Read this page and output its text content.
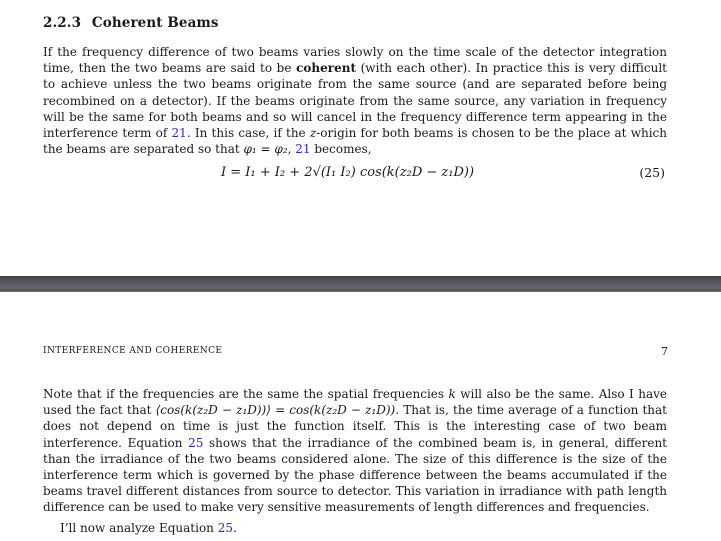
2.2.3 Coherent Beams
If the frequency difference of two beams varies slowly on the time scale of the detector integration time, then the two beams are said to be coherent (with each other). In practice this is very difficult to achieve unless the two beams originate from the same source (and are separated before being recombined on a detector). If the beams originate from the same source, any variation in frequency will be the same for both beams and so will cancel in the frequency difference term appearing in the interference term of 21. In this case, if the z-origin for both beams is chosen to be the place at which the beams are separated so that φ₁ = φ₂, 21 becomes,
I = I₁ + I₂ + 2√(I₁ I₂) cos(k(z₂D − z₁D))	(25)
INTERFERENCE AND COHERENCE	7
Note that if the frequencies are the same the spatial frequencies k will also be the same. Also I have used the fact that ⟨cos(k(z₂D − z₁D))⟩ = cos(k(z₂D − z₁D)). That is, the time average of a function that does not depend on time is just the function itself. This is the interesting case of two beam interference. Equation 25 shows that the irradiance of the combined beam is, in general, different than the irradiance of the two beams considered alone. The size of this difference is the size of the interference term which is governed by the phase difference between the beams accumulated if the beams travel different distances from source to detector. This variation in irradiance with path length difference can be used to make very sensitive measurements of length differences and frequencies.
I’ll now analyze Equation 25.
